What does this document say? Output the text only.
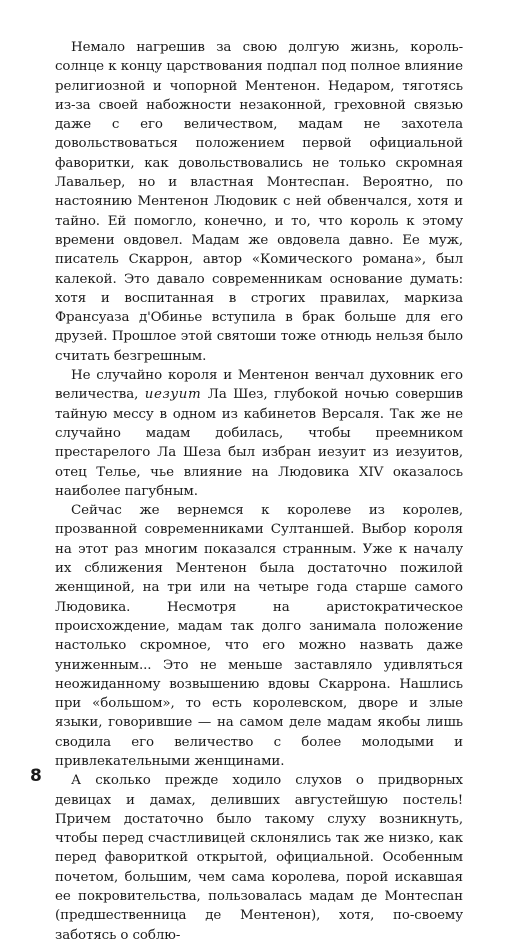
Немало нагрешив за свою долгую жизнь, король-солнце к концу царствования подпал под полное влияние религиозной и чопорной Ментенон. Недаром, тяготясь из-за своей набожности незаконной, греховной связью даже с его величеством, мадам не захотела довольствоваться положением первой официальной фаворитки, как довольствовались не только скромная Лавальер, но и властная Монтеспан. Вероятно, по настоянию Ментенон Людовик с ней обвенчался, хотя и тайно. Ей помогло, конечно, и то, что король к этому времени овдовел. Мадам же овдовела давно. Ее муж, писатель Скаррон, автор «Комического романа», был калекой. Это давало современникам основание думать: хотя и воспитанная в строгих правилах, маркиза Франсуаза д'Обинье вступила в брак больше для его друзей. Прошлое этой святоши тоже отнюдь нельзя было считать безгрешным.

Не случайно короля и Ментенон венчал духовник его величества, иезуит Ла Шез, глубокой ночью совершив тайную мессу в одном из кабинетов Версаля. Так же не случайно мадам добилась, чтобы преемником престарелого Ла Шеза был избран иезуит из иезуитов, отец Телье, чье влияние на Людовика XIV оказалось наиболее пагубным.

Сейчас же вернемся к королеве из королев, прозванной современниками Султаншей. Выбор короля на этот раз многим показался странным. Уже к началу их сближения Ментенон была достаточно пожилой женщиной, на три или на четыре года старше самого Людовика. Несмотря на аристократическое происхождение, мадам так долго занимала положение настолько скромное, что его можно назвать даже униженным... Это не меньше заставляло удивляться неожиданному возвышению вдовы Скаррона. Нашлись при «большом», то есть королевском, дворе и злые языки, говорившие — на самом деле мадам якобы лишь сводила его величество с более молодыми и привлекательными женщинами.

А сколько прежде ходило слухов о придворных девицах и дамах, деливших августейшую постель! Причем достаточно было такому слуху возникнуть, чтобы перед счастливицей склонялись так же низко, как перед фавориткой открытой, официальной. Особенным почетом, большим, чем сама королева, порой искавшая ее покровительства, пользовалась мадам де Монтеспан (предшественница де Ментенон), хотя, по-своему заботясь о соблю-

8
